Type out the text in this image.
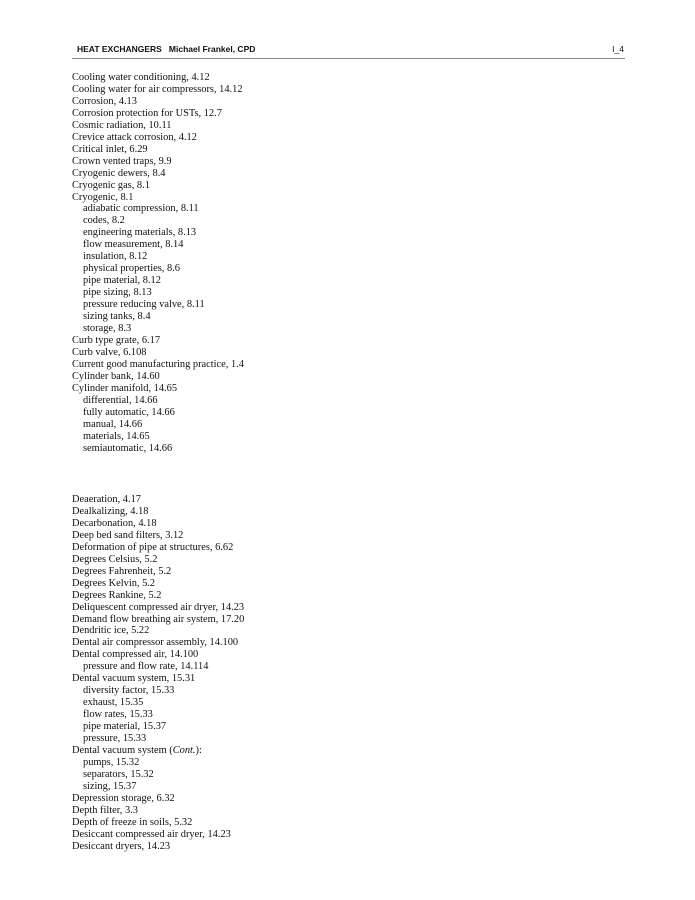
HEAT EXCHANGERS   Michael Frankel, CPD	I_4
Cooling water conditioning, 4.12
Cooling water for air compressors, 14.12
Corrosion, 4.13
Corrosion protection for USTs, 12.7
Cosmic radiation, 10.11
Crevice attack corrosion, 4.12
Critical inlet, 6.29
Crown vented traps, 9.9
Cryogenic dewers, 8.4
Cryogenic gas, 8.1
Cryogenic, 8.1
adiabatic compression, 8.11
codes, 8.2
engineering materials, 8.13
flow measurement, 8.14
insulation, 8.12
physical properties, 8.6
pipe material, 8.12
pipe sizing, 8.13
pressure reducing valve, 8.11
sizing tanks, 8.4
storage, 8.3
Curb type grate, 6.17
Curb valve, 6.108
Current good manufacturing practice, 1.4
Cylinder bank, 14.60
Cylinder manifold, 14.65
differential, 14.66
fully automatic, 14.66
manual, 14.66
materials, 14.65
semiautomatic, 14.66
Deaeration, 4.17
Dealkalizing, 4.18
Decarbonation, 4.18
Deep bed sand filters, 3.12
Deformation of pipe at structures, 6.62
Degrees Celsius, 5.2
Degrees Fahrenheit, 5.2
Degrees Kelvin, 5.2
Degrees Rankine, 5.2
Deliquescent compressed air dryer, 14.23
Demand flow breathing air system, 17.20
Dendritic ice, 5.22
Dental air compressor assembly, 14.100
Dental compressed air, 14.100
pressure and flow rate, 14.114
Dental vacuum system, 15.31
diversity factor, 15.33
exhaust, 15.35
flow rates, 15.33
pipe material, 15.37
pressure, 15.33
Dental vacuum system (Cont.):
pumps, 15.32
separators, 15.32
sizing, 15.37
Depression storage, 6.32
Depth filter, 3.3
Depth of freeze in soils, 5.32
Desiccant compressed air dryer, 14.23
Desiccant dryers, 14.23
